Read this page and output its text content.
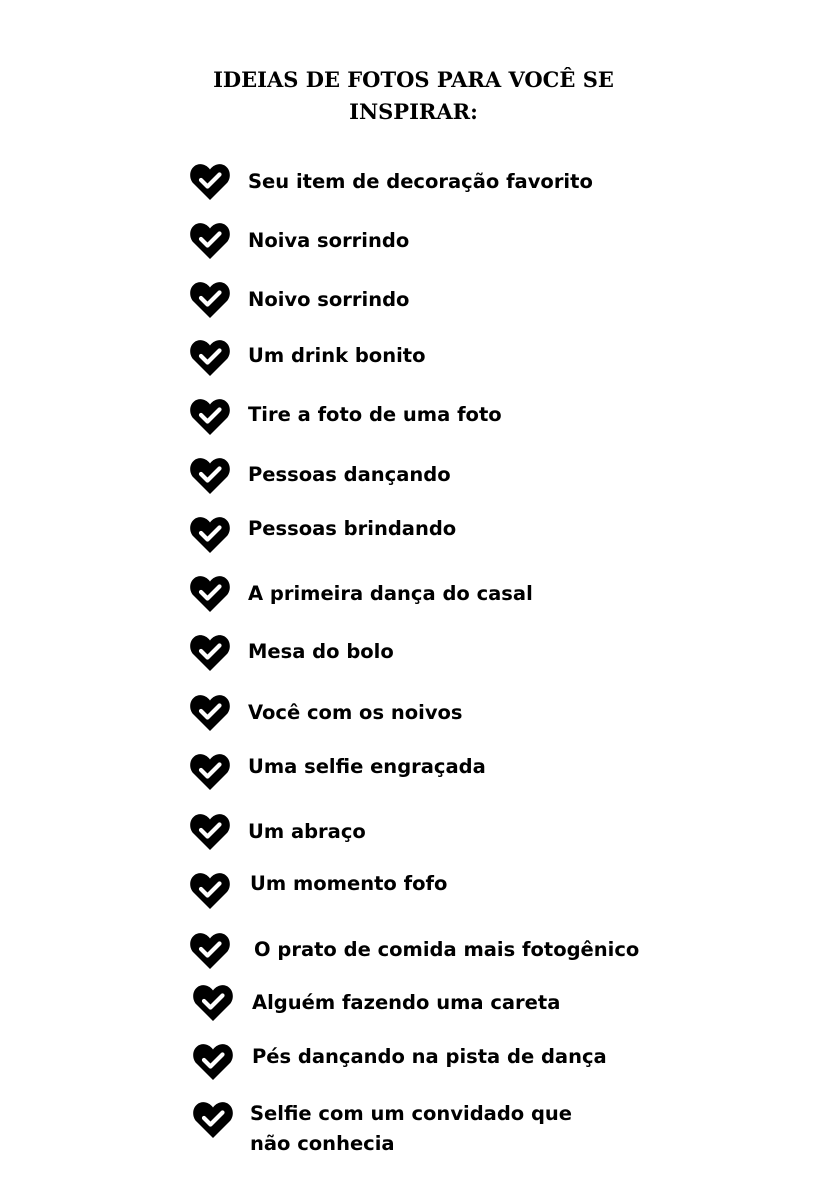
IDEIAS DE FOTOS PARA VOCÊ SE
INSPIRAR:
Seu item de decoração favorito
Noiva sorrindo
Noivo sorrindo
Um drink bonito
Tire a foto de uma foto
Pessoas dançando
Pessoas brindando
A primeira dança do casal
Mesa do bolo
Você com os noivos
Uma selfie engraçada
Um abraço
Um momento fofo
O prato de comida mais fotogênico
Alguém fazendo uma careta
Pés dançando na pista de dança
Selfie com um convidado que não conhecia
